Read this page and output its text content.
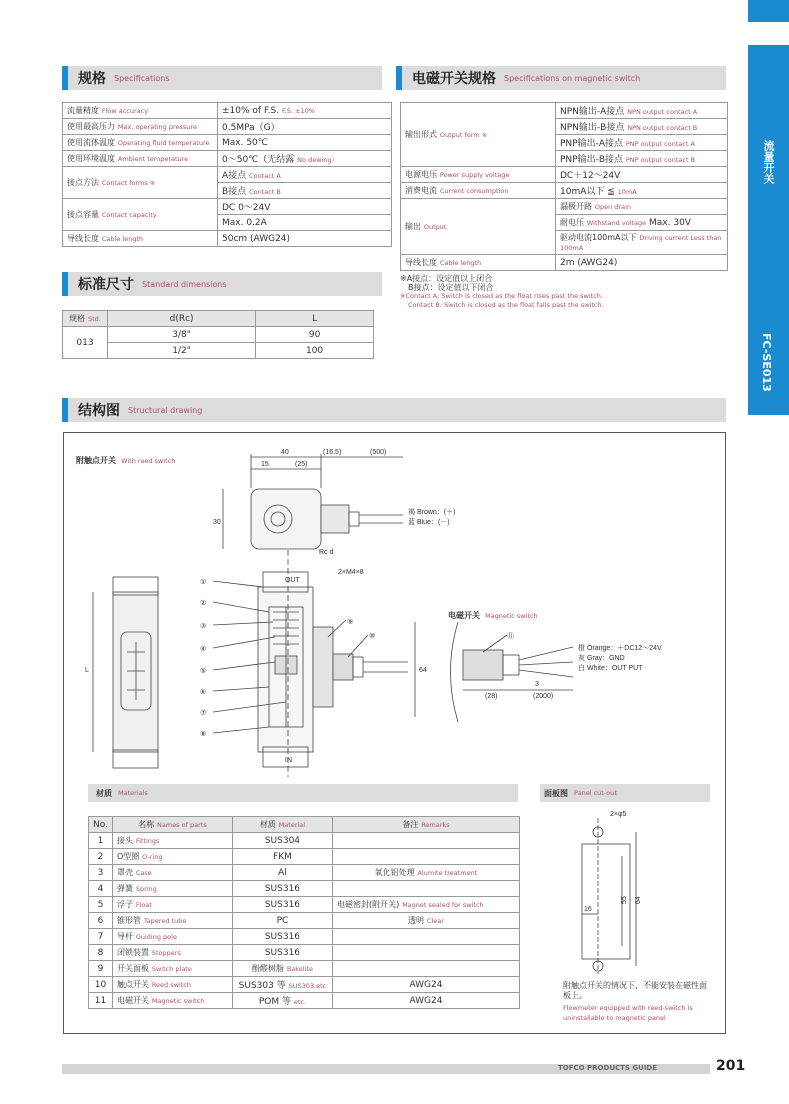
流量开关
FC-SE013
规格 Specifications
流量精度 Flow accuracy	±10% of F.S. F.S. ±10%
使用最高压力 Max. operating pressure	0.5MPa（G）
使用流体温度 Operating fluid temperature	Max. 50℃
使用环境温度 Ambient temperature	0～50℃（无结露 No dewing）
接点方法 Contact forms ※	A接点 Contact A
	B接点 Contact B
接点容量 Contact capacity	DC 0～24V
	Max. 0.2A
导线长度 Cable length	50cm (AWG24)
电磁开关规格 Specifications on magnetic switch
输出形式 Output form ※	NPN输出-A接点 NPN output contact A
	NPN输出-B接点 NPN output contact B
	PNP输出-A接点 PNP output contact A
	PNP输出-B接点 PNP output contact B
电源电压 Power supply voltage	DC＋12～24V
消费电流 Current consumption	10mA以下 ≦ 10mA
输出 Output	漏极开路 Open drain
	耐电压 Withstand voltage Max. 30V
	驱动电流100mA以下 Driving current Less than 100mA
导线长度 Cable length	2m (AWG24)
※A接点：设定值以上闭合
B接点：设定值以下闭合
※Contact A: Switch is closed as the float rises past the switch.
Contact B: Switch is closed as the float falls past the switch.
标准尺寸 Standard dimensions
规格 Std.	d(Rc)	L
013	3/8"	90
	1/2"	100
结构图 Structural drawing
附触点开关 With reed switch
电磁开关 Magnetic switch
40	(16.5)	(500)
15	(25)
30
Rc d
2×M4×8
L	64
OUT
IN
3
(28)	(2000)
褐 Brown：(＋)
蓝 Blue：(－)
橙 Orange：＋DC12～24V
灰 Gray：GND
白 White：OUT PUT
①
②
③
④
⑤
⑥
⑦
⑧
⑨
⑩	⑪
材质 Materials
No.	名称 Names of parts	材质 Material	备注 Remarks
1	接头 Fittings	SUS304	
2	O型圈 O-ring	FKM	
3	罩壳 Case	Al	氧化铝处理 Alumite treatment
4	弹簧 Spring	SUS316	
5	浮子 Float	SUS316	电磁密封(附开关) Magnet sealed for switch
6	锥形管 Tapered tube	PC	透明 Clear
7	导杆 Guiding pole	SUS316	
8	闭锁装置 Stoppers	SUS316	
9	开关面板 Switch plate	酚醛树脂 Bakelite	
10	触点开关 Reed switch	SUS303 等 SUS303,etc	AWG24
11	电磁开关 Magnetic switch	POM 等 etc.	AWG24
面板图 Panel cut-out
2×φ5
55 64
16
附触点开关的情况下，不能安装在磁性面板上。
Flowmeter equipped with reed-switch is uninstallable to magnetic panel
TOFCO PRODUCTS GUIDE	201
